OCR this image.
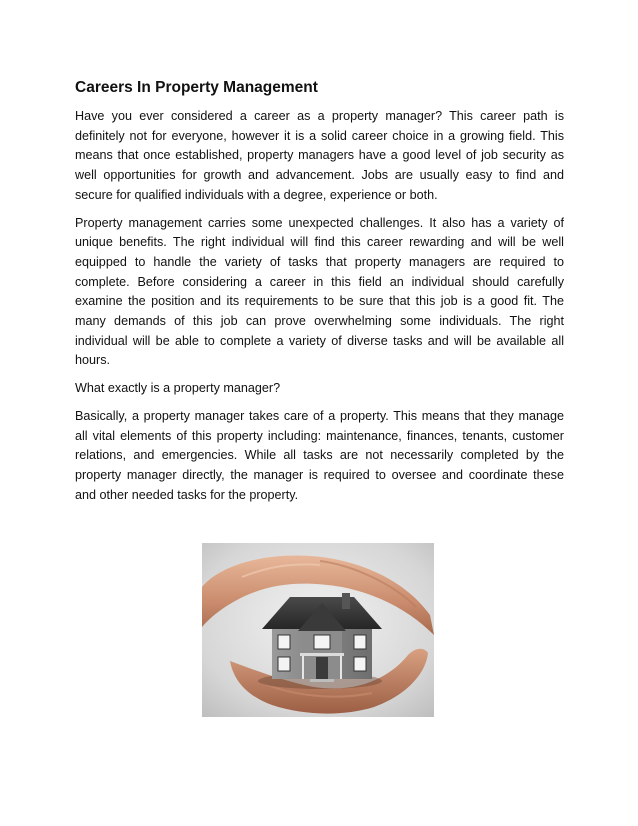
Careers In Property Management

Have you ever considered a career as a property manager? This career path is definitely not for everyone, however it is a solid career choice in a growing field. This means that once established, property managers have a good level of job security as well opportunities for growth and advancement. Jobs are usually easy to find and secure for qualified individuals with a degree, experience or both.

Property management carries some unexpected challenges. It also has a variety of unique benefits. The right individual will find this career rewarding and will be well equipped to handle the variety of tasks that property managers are required to complete. Before considering a career in this field an individual should carefully examine the position and its requirements to be sure that this job is a good fit. The many demands of this job can prove overwhelming some individuals. The right individual will be able to complete a variety of diverse tasks and will be available all hours.

What exactly is a property manager?

Basically, a property manager takes care of a property. This means that they manage all vital elements of this property including: maintenance, finances, tenants, customer relations, and emergencies. While all tasks are not necessarily completed by the property manager directly, the manager is required to oversee and coordinate these and other needed tasks for the property.
